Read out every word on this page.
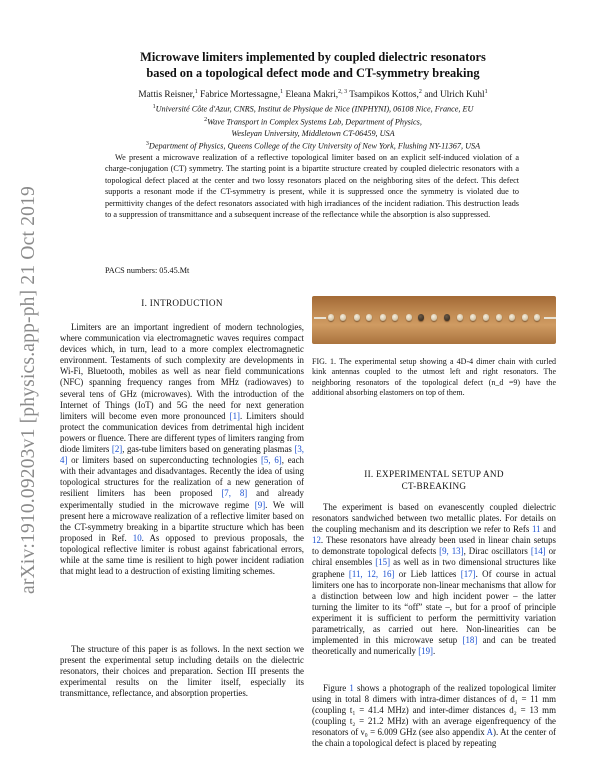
arXiv:1910.09203v1 [physics.app-ph] 21 Oct 2019
Microwave limiters implemented by coupled dielectric resonators
based on a topological defect mode and CT-symmetry breaking
Mattis Reisner,$^1$ Fabrice Mortessagne,$^1$ Eleana Makri,$^{2, 3}$ Tsampikos Kottos,$^2$ and Ulrich Kuhl$^1$
$^1$Université Côte d'Azur, CNRS, Institut de Physique de Nice (INPHYNI), 06108 Nice, France, EU
$^2$Wave Transport in Complex Systems Lab, Department of Physics,
Wesleyan University, Middletown CT-06459, USA
$^3$Department of Physics, Queens College of the City University of New York, Flushing NY-11367, USA
We present a microwave realization of a reflective topological limiter based on an explicit self-induced violation of a charge-conjugation (CT) symmetry. The starting point is a bipartite structure created by coupled dielectric resonators with a topological defect placed at the center and two lossy resonators placed on the neighboring sites of the defect. This defect supports a resonant mode if the CT-symmetry is present, while it is suppressed once the symmetry is violated due to permittivity changes of the defect resonators associated with high irradiances of the incident radiation. This destruction leads to a suppression of transmittance and a subsequent increase of the reflectance while the absorption is also suppressed.
PACS numbers: 05.45.Mt
I. INTRODUCTION

Limiters are an important ingredient of modern technologies, where communication via electromagnetic waves requires compact devices which, in turn, lead to a more complex electromagnetic environment. Testaments of such complexity are developments in Wi-Fi, Bluetooth, mobiles as well as near field communications (NFC) spanning frequency ranges from MHz (radiowaves) to several tens of GHz (microwaves). With the introduction of the Internet of Things (IoT) and 5G the need for next generation limiters will become even more pronounced [1]. Limiters should protect the communication devices from detrimental high incident powers or fluence. There are different types of limiters ranging from diode limiters [2], gas-tube limiters based on generating plasmas [3, 4] or limiters based on superconducting technologies [5, 6], each with their advantages and disadvantages. Recently the idea of using topological structures for the realization of a new generation of resilient limiters has been proposed [7, 8] and already experimentally studied in the microwave regime [9]. We will present here a microwave realization of a reflective limiter based on the CT-symmetry breaking in a bipartite structure which has been proposed in Ref. 10. As opposed to previous proposals, the topological reflective limiter is robust against fabricational errors, while at the same time is resilient to high power incident radiation that might lead to a destruction of existing limiting schemes.

The structure of this paper is as follows. In the next section we present the experimental setup including details on the dielectric resonators, their choices and preparation. Section III presents the experimental results on the limiter itself, especially its transmittance, reflectance, and absorption properties.

FIG. 1. The experimental setup showing a 4D-4 dimer chain with curled kink antennas coupled to the utmost left and right resonators. The neighboring resonators of the topological defect (n_d =9) have the additional absorbing elastomers on top of them.
II. EXPERIMENTAL SETUP AND
CT-BREAKING

The experiment is based on evanescently coupled dielectric resonators sandwiched between two metallic plates. For details on the coupling mechanism and its description we refer to Refs 11 and 12. These resonators have already been used in linear chain setups to demonstrate topological defects [9, 13], Dirac oscillators [14] or chiral ensembles [15] as well as in two dimensional structures like graphene [11, 12, 16] or Lieb lattices [17]. Of course in actual limiters one has to incorporate non-linear mechanisms that allow for a distinction between low and high incident power – the latter turning the limiter to its “off” state –, but for a proof of principle experiment it is sufficient to perform the permittivity variation parametrically, as carried out here. Non-linearities can be implemented in this microwave setup [18] and can be treated theoretically and numerically [19].

Figure 1 shows a photograph of the realized topological limiter using in total 8 dimers with intra-dimer distances of d₁ = 11 mm (coupling t₁ = 41.4 MHz) and inter-dimer distances d₂ = 13 mm (coupling t₂ = 21.2 MHz) with an average eigenfrequency of the resonators of ν₀ = 6.009 GHz (see also appendix A). At the center of the chain a topological defect is placed by repeating
